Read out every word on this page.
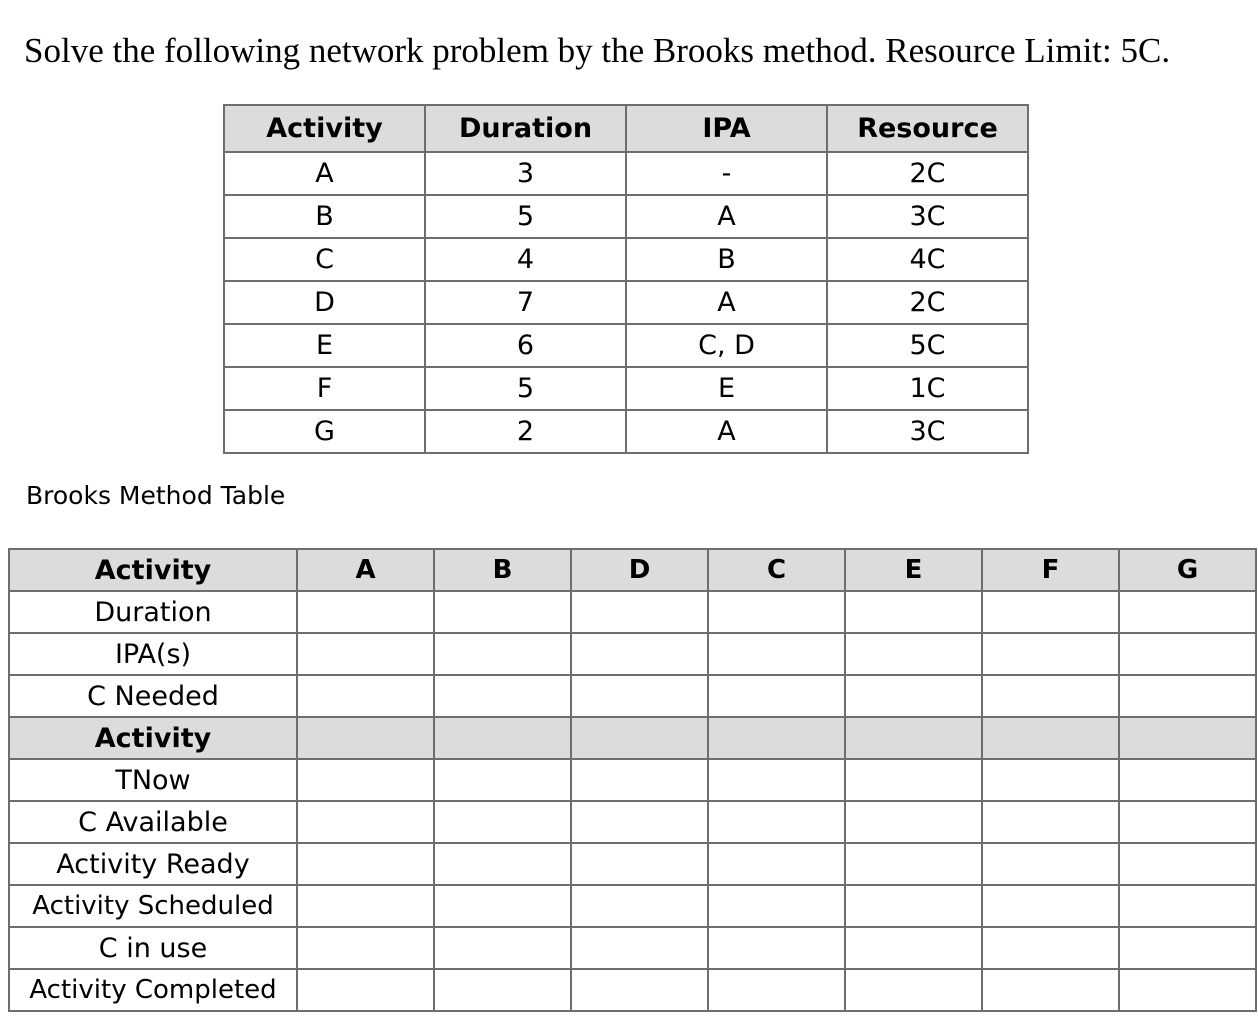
Solve the following network problem by the Brooks method. Resource Limit: 5C.
Activity	Duration	IPA	Resource
A	3	-	2C
B	5	A	3C
C	4	B	4C
D	7	A	2C
E	6	C, D	5C
F	5	E	1C
G	2	A	3C

Brooks Method Table

Activity	A	B	D	C	E	F	G
Duration							
IPA(s)							
C Needed							
Activity							
TNow							
C Available							
Activity Ready							
Activity Scheduled							
C in use							
Activity Completed							
